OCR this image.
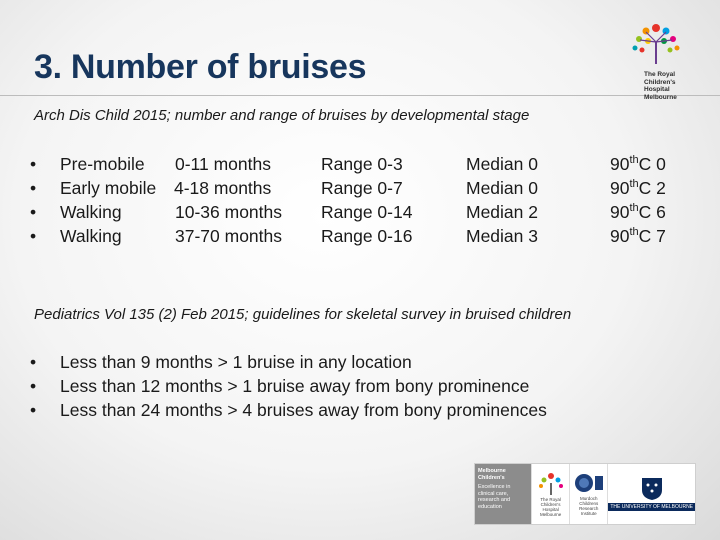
3. Number of bruises
Arch Dis Child 2015; number and range of bruises by developmental stage
• Pre-mobile 0-11 months	Range 0-3	Median 0	90thC 0
• Early mobile 4-18 months	Range 0-7	Median 0	90thC 2
• Walking	10-36 months Range 0-14	Median 2	90thC 6
• Walking	37-70 months Range 0-16	Median 3	90thC 7
Pediatrics Vol 135 (2) Feb 2015; guidelines for skeletal survey in bruised children
• Less than 9 months > 1 bruise in any location
• Less than 12 months > 1 bruise away from bony prominence
• Less than 24 months > 4 bruises away from bony prominences
The Royal
Children's
Hospital
Melbourne
Melbourne
Children's
Excellence in
clinical care,
research and
education
The Royal
Children's
Hospital
Melbourne
Murdoch
Childrens
Research
Institute
THE UNIVERSITY OF MELBOURNE
